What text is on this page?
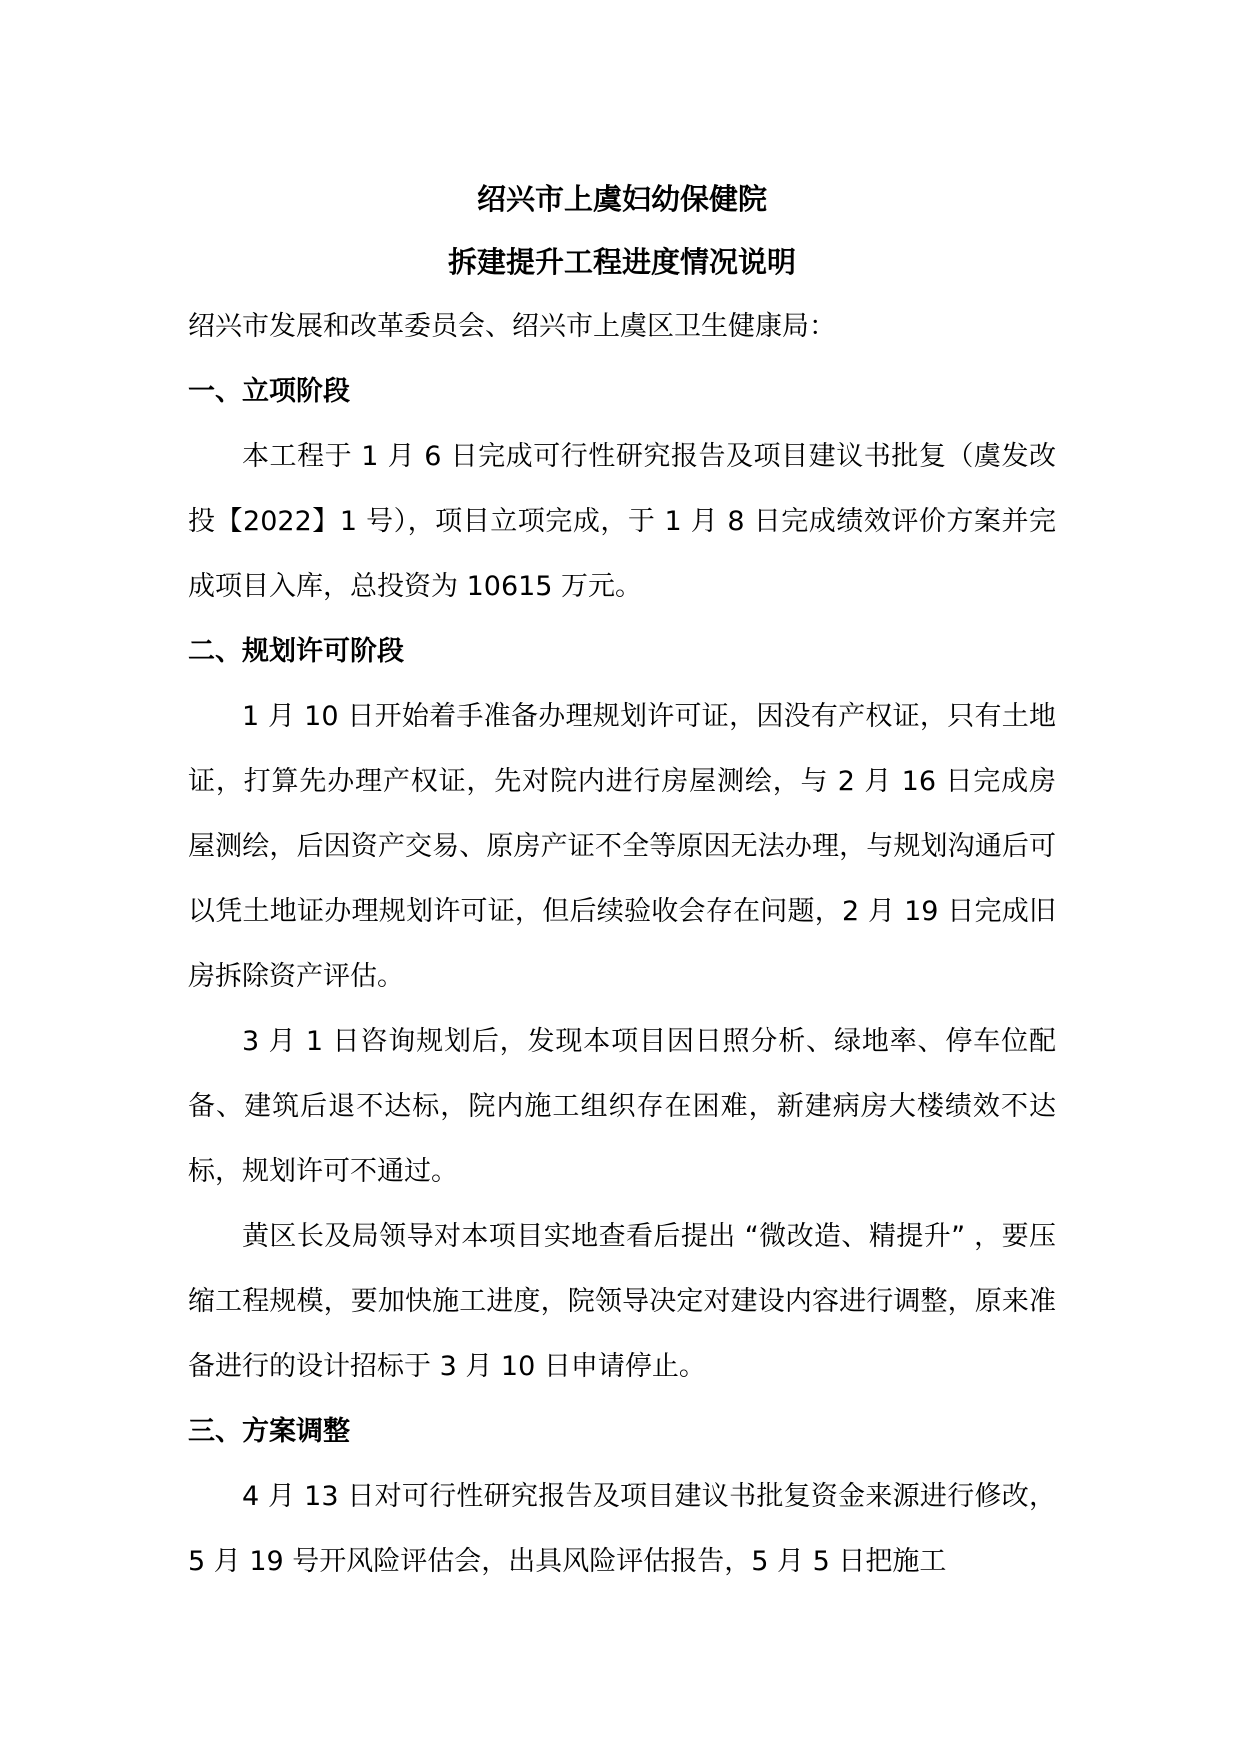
绍兴市上虞妇幼保健院
拆建提升工程进度情况说明

绍兴市发展和改革委员会、绍兴市上虞区卫生健康局：

一、立项阶段

本工程于 1 月 6 日完成可行性研究报告及项目建议书批复（虞发改投【2022】1 号），项目立项完成，于 1 月 8 日完成绩效评价方案并完成项目入库，总投资为 10615 万元。

二、规划许可阶段

1 月 10 日开始着手准备办理规划许可证，因没有产权证，只有土地证，打算先办理产权证，先对院内进行房屋测绘，与 2 月 16 日完成房屋测绘，后因资产交易、原房产证不全等原因无法办理，与规划沟通后可以凭土地证办理规划许可证，但后续验收会存在问题，2 月 19 日完成旧房拆除资产评估。

3 月 1 日咨询规划后，发现本项目因日照分析、绿地率、停车位配备、建筑后退不达标，院内施工组织存在困难，新建病房大楼绩效不达标，规划许可不通过。

黄区长及局领导对本项目实地查看后提出 “微改造、精提升” ，要压缩工程规模，要加快施工进度，院领导决定对建设内容进行调整，原来准备进行的设计招标于 3 月 10 日申请停止。

三、方案调整

4 月 13 日对可行性研究报告及项目建议书批复资金来源进行修改，5 月 19 号开风险评估会，出具风险评估报告，5 月 5 日把施工
